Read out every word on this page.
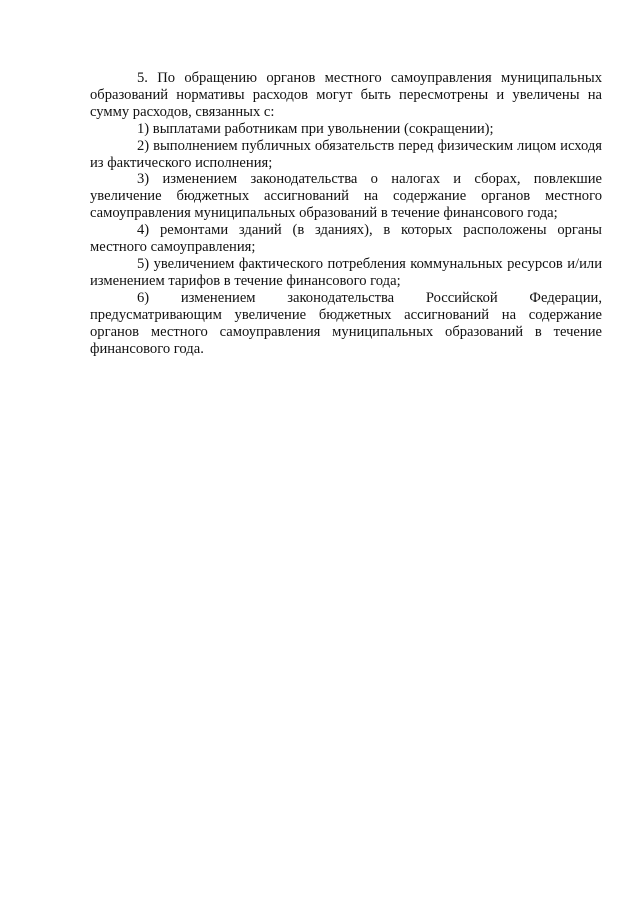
5. По обращению органов местного самоуправления муниципальных образований нормативы расходов могут быть пересмотрены и увеличены на сумму расходов, связанных с:

1) выплатами работникам при увольнении (сокращении);

2) выполнением публичных обязательств перед физическим лицом исходя из фактического исполнения;

3) изменением законодательства о налогах и сборах, повлекшие увеличение бюджетных ассигнований на содержание органов местного самоуправления муниципальных образований в течение финансового года;

4) ремонтами зданий (в зданиях), в которых расположены органы местного самоуправления;

5) увеличением фактического потребления коммунальных ресурсов и/или изменением тарифов в течение финансового года;

6) изменением законодательства Российской Федерации, предусматривающим увеличение бюджетных ассигнований на содержание органов местного самоуправления муниципальных образований в течение финансового года.
